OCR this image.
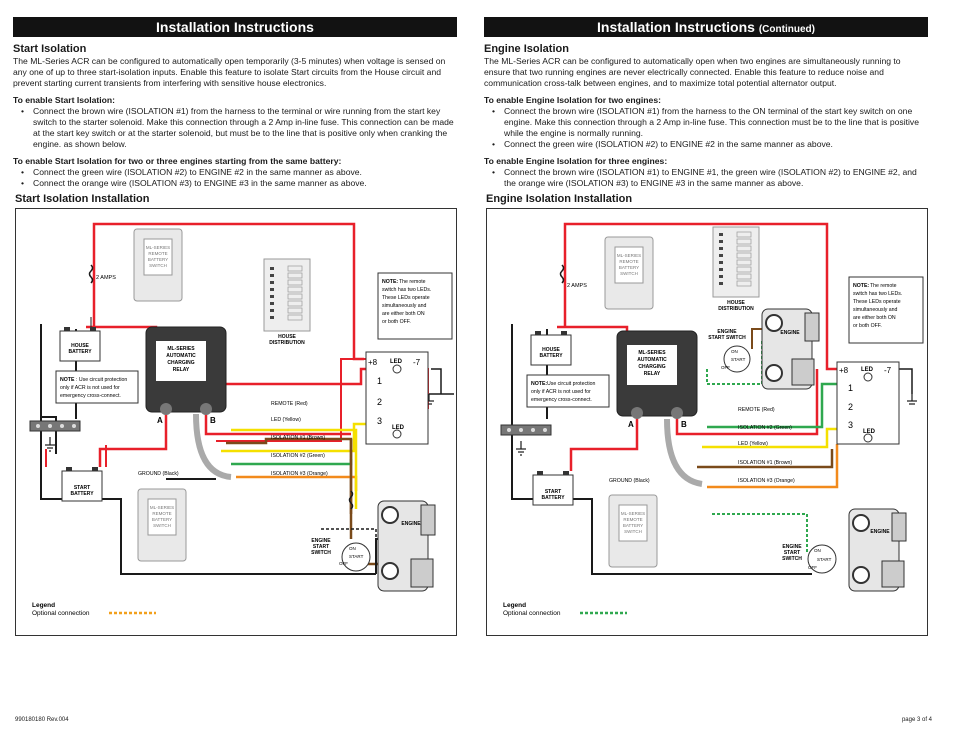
Installation Instructions
Start Isolation

The ML-Series ACR can be configured to automatically open temporarily (3-5 minutes) when voltage is sensed on any one of up to three start-isolation inputs. Enable this feature to isolate Start circuits from the House circuit and prevent starting current transients from interfering with sensitive house electronics.

To enable Start Isolation:
• Connect the brown wire (ISOLATION #1) from the harness to the terminal or wire running from the start key switch to the starter solenoid. Make this connection through a 2 Amp in-line fuse. This connection can be made at the start key switch or at the starter solenoid, but must be to the line that is positive only when cranking the engine. as shown below.
To enable Start Isolation for two or three engines starting from the same battery:
• Connect the green wire (ISOLATION #2) to ENGINE #2 in the same manner as above.
• Connect the orange wire (ISOLATION #3) to ENGINE #3 in the same manner as above.
Start Isolation Installation
Installation Instructions (Continued)
Engine Isolation

The ML-Series ACR can be configured to automatically open when two engines are simultaneously running to ensure that two running engines are never electrically connected. Enable this feature to reduce noise and communication cross-talk between engines, and to maximize total potential alternator output.

To enable Engine Isolation for two engines:
• Connect the brown wire (ISOLATION #1) from the harness to the ON terminal of the start key switch on one engine. Make this connection through a 2 Amp in-line fuse. This connection must be to the line that is positive while the engine is normally running.
• Connect the green wire (ISOLATION #2) to ENGINE #2 in the same manner as above.
To enable Engine Isolation for three engines:
• Connect the brown wire (ISOLATION #1) to ENGINE #1, the green wire (ISOLATION #2) to ENGINE #2, and the orange wire (ISOLATION #3) to ENGINE #3 in the same manner as above.
Engine Isolation Installation
2 AMPS
ML-SERIES
REMOTE
BATTERY
SWITCH
HOUSE
DISTRIBUTION
NOTE: The remote
switch has two LEDs.
These LEDs operate
simultaneously and
are either both ON
or both OFF.
HOUSE
BATTERY	ML-SERIES
AUTOMATIC
CHARGING
RELAY
A	B
NOTE : Use circuit protection
only if ACR is not used for
emergency cross-connect.
START
BATTERY
ML-SERIES
REMOTE
BATTERY
SWITCH
REMOTE (Red)
LED (Yellow)
ISOLATION #1 (Brown)
ISOLATION #2 (Green)
ISOLATION #3 (Orange)
GROUND (Black)
+8 LED -7
1
2
3
LED
ENGINE
ENGINE
START
SWITCH
ON
START
OFF
Legend
Optional connection
2 AMPS
ML-SERIES
REMOTE
BATTERY
SWITCH
HOUSE
DISTRIBUTION
ENGINE
ENGINE
START SWITCH
ON
START
OFF
NOTE: The remote
switch has two LEDs.
These LEDs operate
simultaneously and
are either both ON
or both OFF.
HOUSE
BATTERY	ML-SERIES
AUTOMATIC
CHARGING
RELAY
A	B
NOTE: Use circuit protection
only if ACR is not used for
emergency cross-connect.
START
BATTERY
ML-SERIES
REMOTE
BATTERY
SWITCH
REMOTE (Red)
ISOLATION #2 (Green)
LED (Yellow)
ISOLATION #1 (Brown)
ISOLATION #3 (Orange)
GROUND (Black)
+8 LED -7
1
2
3
LED
ENGINE
ENGINE
START
SWITCH
ON
START
OFF
Legend
Optional connection
990180180 Rev.004	page 3 of 4
